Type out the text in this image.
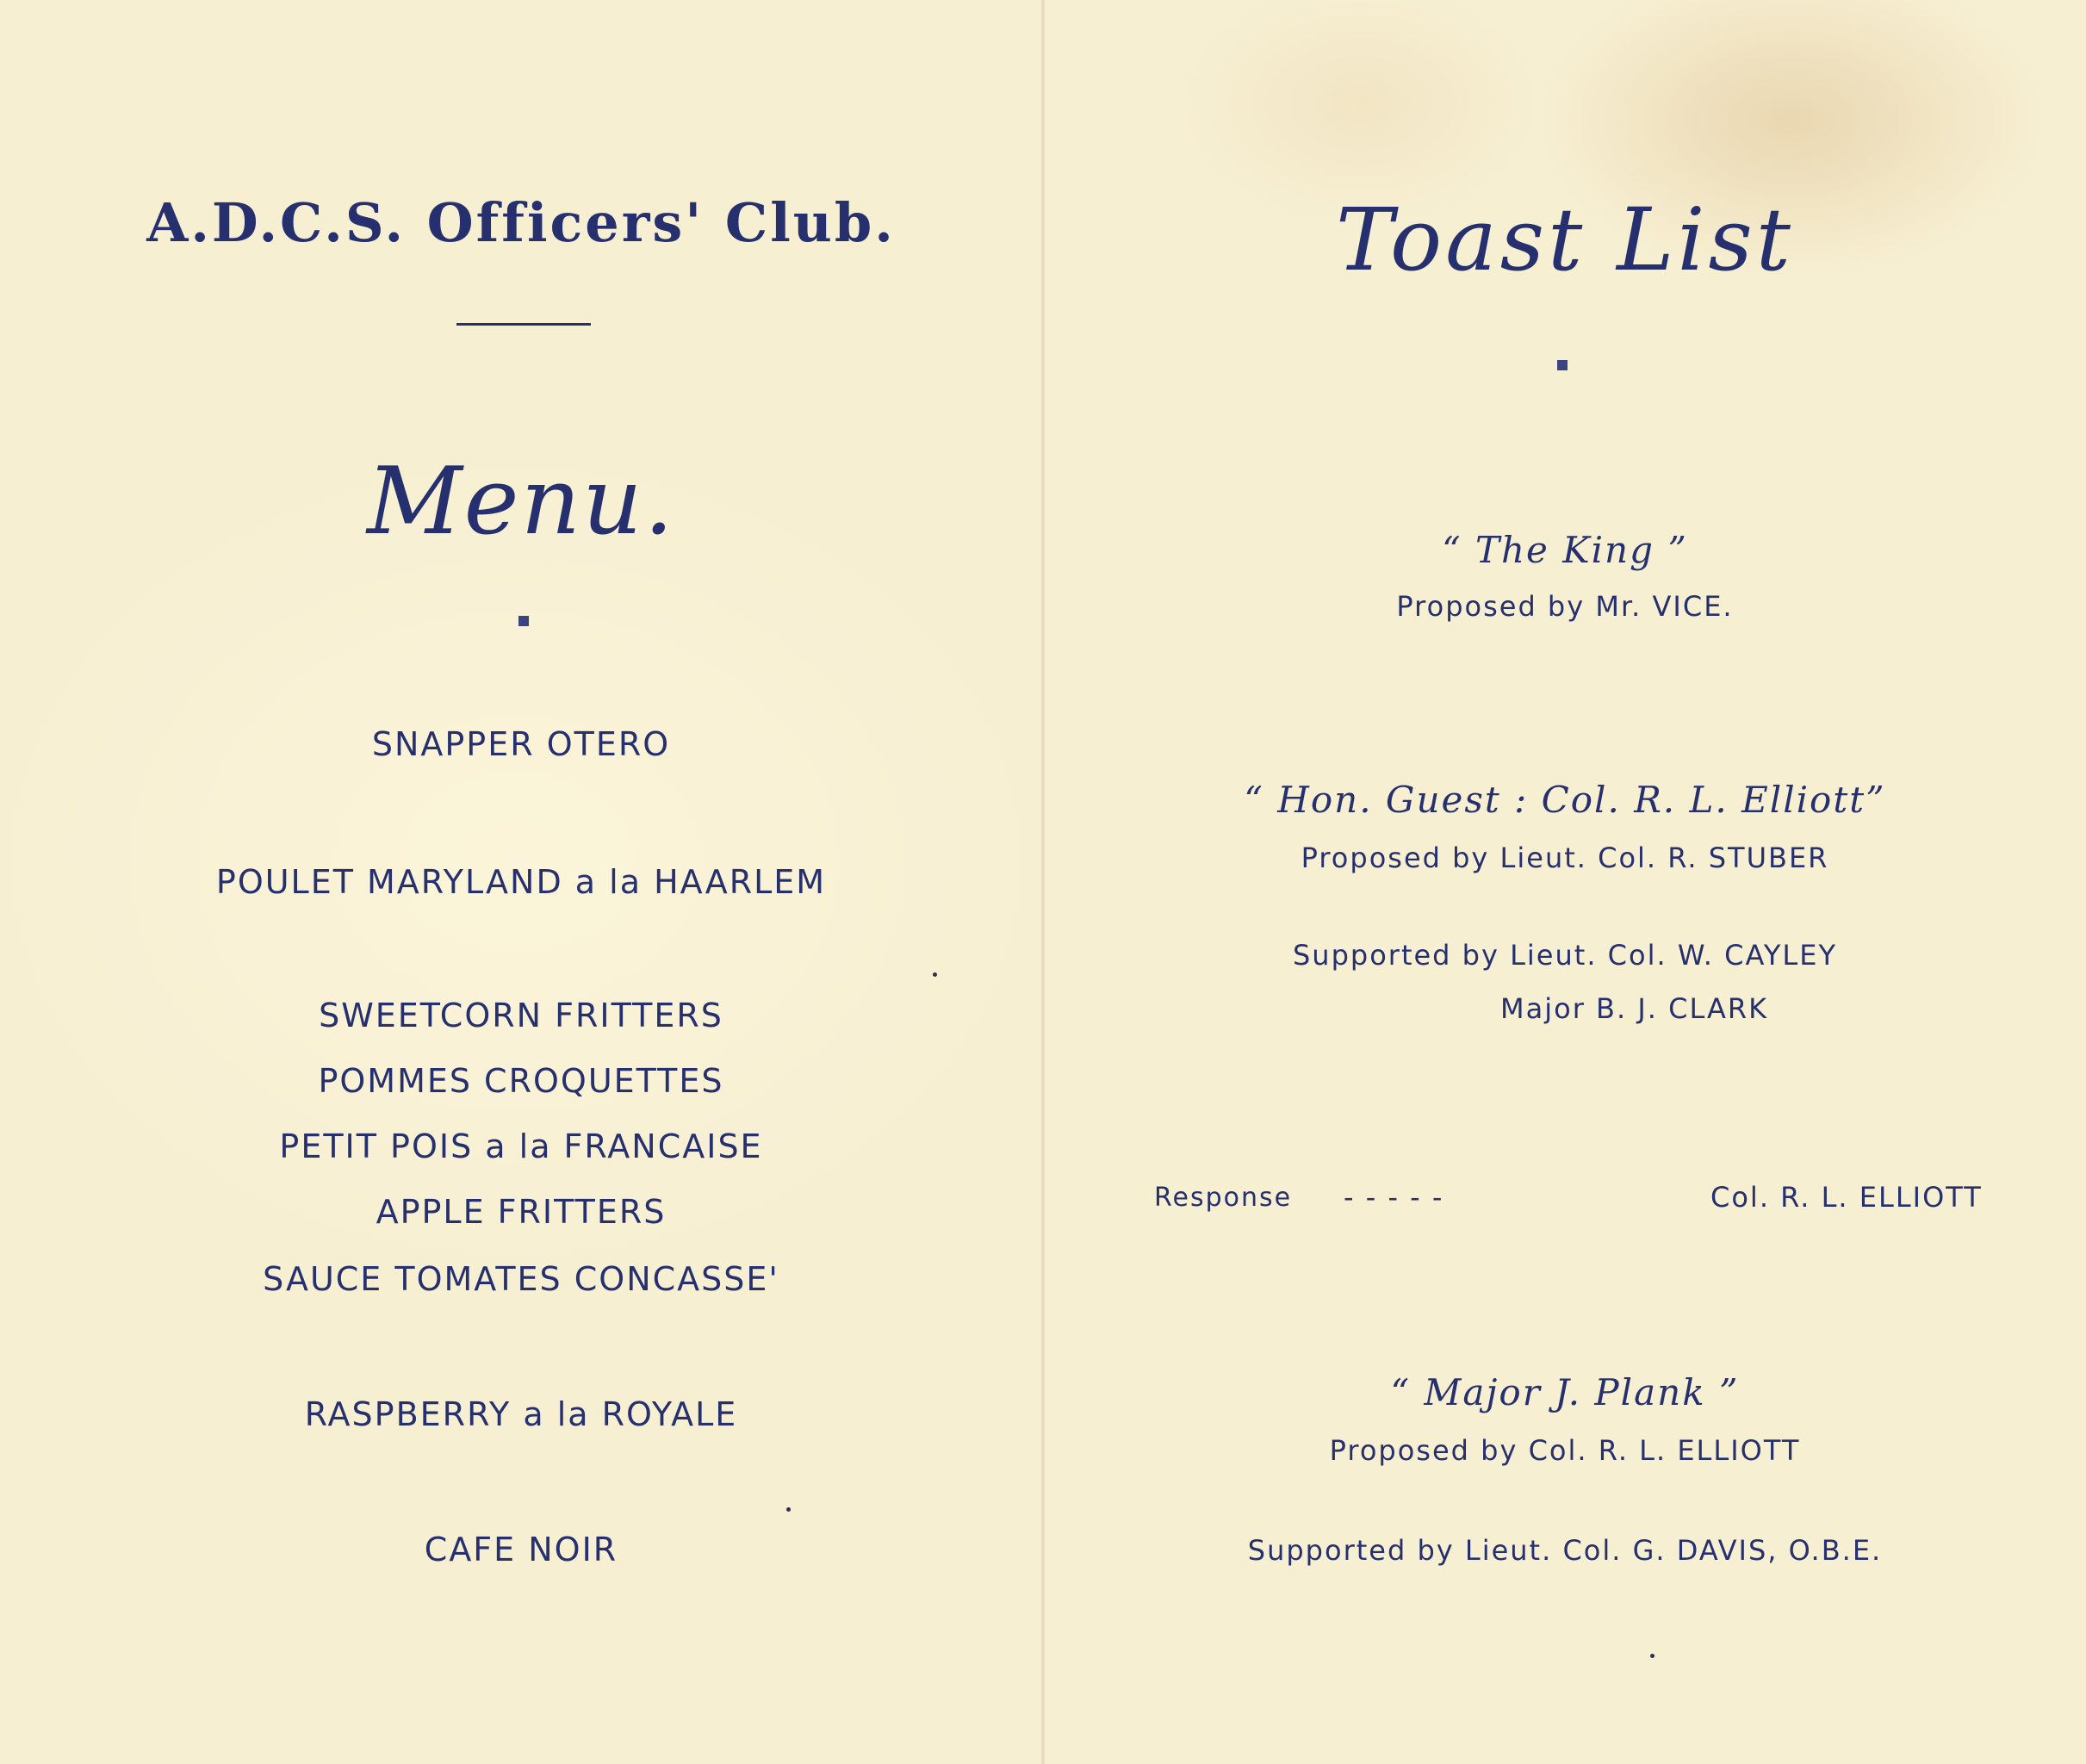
A.D.C.S. Officers' Club.
Menu.
SNAPPER OTERO
POULET MARYLAND a la HAARLEM
SWEETCORN FRITTERS
POMMES CROQUETTES
PETIT POIS a la FRANCAISE
APPLE FRITTERS
SAUCE TOMATES CONCASSE'
RASPBERRY a la ROYALE
CAFE NOIR
Toast List
“ The King ”
Proposed by Mr. VICE.
“ Hon. Guest : Col. R. L. Elliott”
Proposed by Lieut. Col. R. STUBER
Supported by Lieut. Col. W. CAYLEY
Major B. J. CLARK
Response - - - - -	Col. R. L. ELLIOTT
“ Major J. Plank ”
Proposed by Col. R. L. ELLIOTT
Supported by Lieut. Col. G. DAVIS, O.B.E.
